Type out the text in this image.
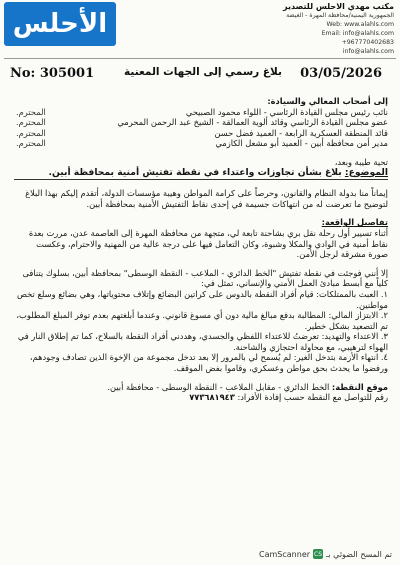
الأحلس
مكتب مهدي الاحلس للتصدير
الجمهورية اليمنية/محافظة المهرة - الغيضة
Web: www.alahls.com
Email: info@alahls.com
+967770402683
info@alahls.com
No: 305001	بلاغ رسمي إلى الجهات المعنية	03/05/2026

إلى أصحاب المعالي والسيادة:

نائب رئيس مجلس القيادة الرئاسي - اللواء محمود الصبيحي
المحترم.
عضو مجلس القيادة الرئاسي وقائد ألوية العمالقة - الشيخ عبد الرحمن المحرمي
المحترم.
قائد المنطقة العسكرية الرابعة - العميد فضل حسن
المحترم.
مدير أمن محافظة أبين - العميد أبو مشعل الكازمي
المحترم.

تحية طيبة وبعد،

الموضوع: بلاغ بشأن تجاوزات واعتداء في نقطة تفتيش أمنية بمحافظة أبين.

إيماناً منا بدولة النظام والقانون، وحرصاً على كرامة المواطن وهيبة مؤسسات الدولة، أتقدم إليكم بهذا البلاغ لتوضيح ما تعرضت له من انتهاكات جسيمة في إحدى نقاط التفتيش الأمنية بمحافظة أبين.

تفاصيل الواقعة:

أثناء تسيير أول رحلة نقل بري بشاحنة تابعة لي، متجهة من محافظة المهرة إلى العاصمة عدن، مررت بعدة نقاط أمنية في الوادي والمكلا وشبوة، وكان التعامل فيها على درجة عالية من المهنية والاحترام، وعكست صورة مشرقة لرجل الأمن.

إلا أنني فوجئت في نقطة تفتيش "الخط الدائري - الملاعب - النقطة الوسطى" بمحافظة أبين، بسلوك يتنافى كلياً مع أبسط مبادئ العمل الأمني والإنساني، تمثل في:

١. العبث بالممتلكات: قيام أفراد النقطة بالدوس على كراتين البضائع وإتلاف محتوياتها، وهي بضائع وسلع تخص مواطنين.

٢. الابتزاز المالي: المطالبة بدفع مبالغ مالية دون أي مسوغ قانوني. وعندما أبلغتهم بعدم توفر المبلغ المطلوب، تم التصعيد بشكل خطير.

٣. الاعتداء والتهديد: تعرضتُ للاعتداء اللفظي والجسدي، وهددني أفراد النقطة بالسلاح، كما تم إطلاق النار في الهواء لترهيبي، مع محاولة احتجازي والشاحنة.

٤. انتهاء الأزمة بتدخل الغير: لم يُسمح لي بالمرور إلا بعد تدخل مجموعة من الإخوة الذين تصادف وجودهم، ورفضوا ما يحدث بحق مواطن وعسكري، وقاموا بفض الموقف.

موقع النقطة: الخط الدائري - مقابل الملاعب - النقطة الوسطى - محافظة أبين.

رقم للتواصل مع النقطة حسب إفادة الأفراد: ٧٧٣٦٨١٩٤٣

تم المسح الضوئي بـ
CS
CamScanner
